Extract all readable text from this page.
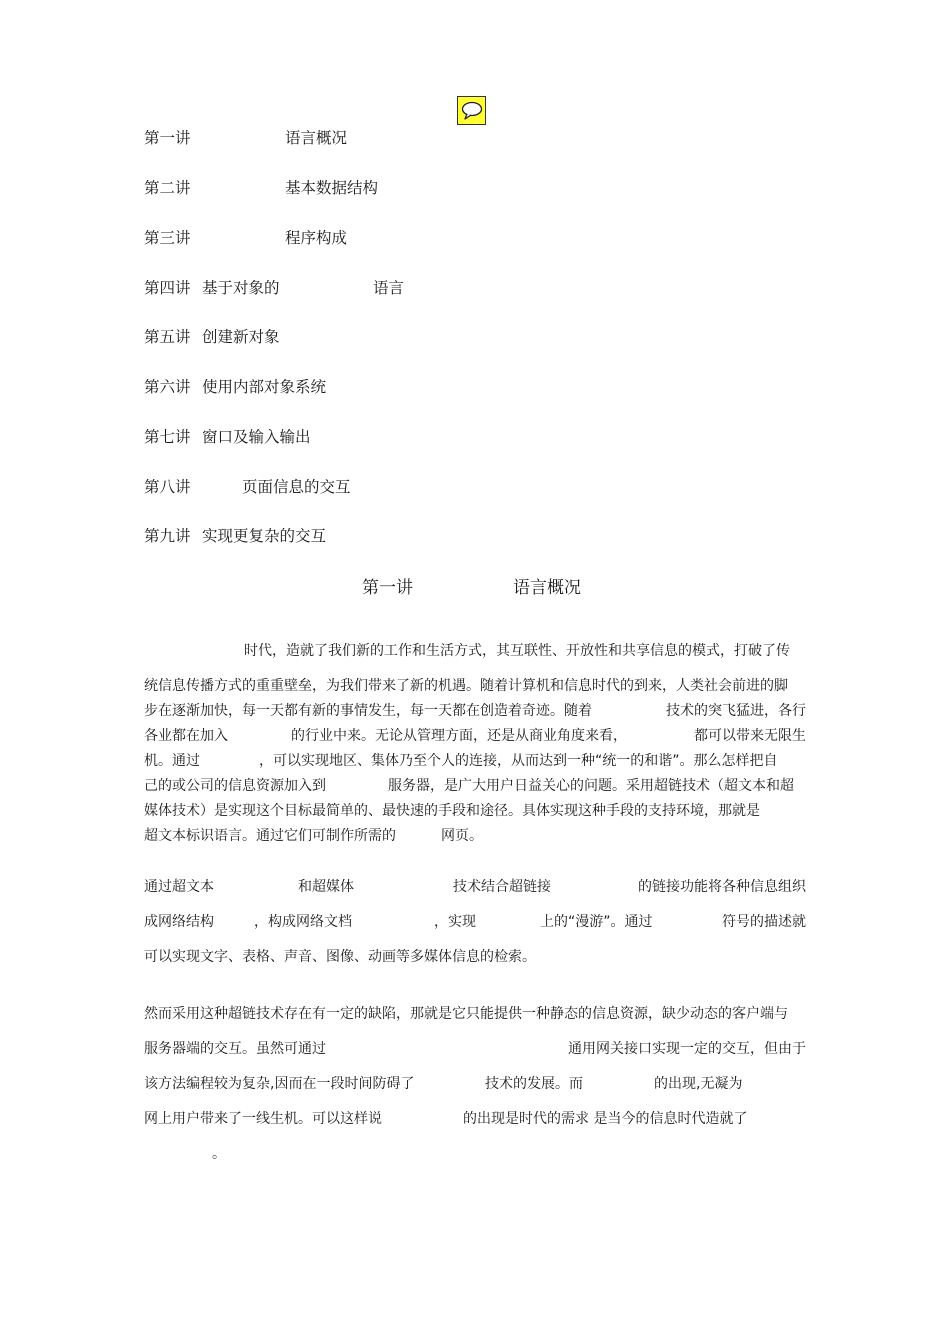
第一讲	语言概况
第二讲	基本数据结构
第三讲	程序构成
第四讲 基于对象的	语言
第五讲 创建新对象
第六讲 使用内部对象系统
第七讲 窗口及输入输出
第八讲	页面信息的交互
第九讲 实现更复杂的交互
第一讲	语言概况
时代，造就了我们新的工作和生活方式，其互联性、开放性和共享信息的模式，打破了传
统信息传播方式的重重壁垒，为我们带来了新的机遇。随着计算机和信息时代的到来，人类社会前进的脚
步在逐渐加快，每一天都有新的事情发生，每一天都在创造着奇迹。随着	技术的突飞猛进，各行
各业都在加入	的行业中来。无论从管理方面，还是从商业角度来看，	都可以带来无限生
机。通过	，可以实现地区、集体乃至个人的连接，从而达到一种“统一的和谐”。那么怎样把自
己的或公司的信息资源加入到	服务器，是广大用户日益关心的问题。采用超链技术（超文本和超
媒体技术）是实现这个目标最简单的、最快速的手段和途径。具体实现这种手段的支持环境，那就是
超文本标识语言。通过它们可制作所需的	网页。
通过超文本	和超媒体	技术结合超链接	的链接功能将各种信息组织
成网络结构	，构成网络文档	，实现	上的“漫游”。通过	符号的描述就
可以实现文字、表格、声音、图像、动画等多媒体信息的检索。
然而采用这种超链技术存在有一定的缺陷，那就是它只能提供一种静态的信息资源，缺少动态的客户端与
服务器端的交互。虽然可通过	通用网关接口实现一定的交互，但由于
该方法编程较为复杂,因而在一段时间防碍了	技术的发展。而	的出现,无凝为
网上用户带来了一线生机。可以这样说	的出现是时代的需求 是当今的信息时代造就了
。
